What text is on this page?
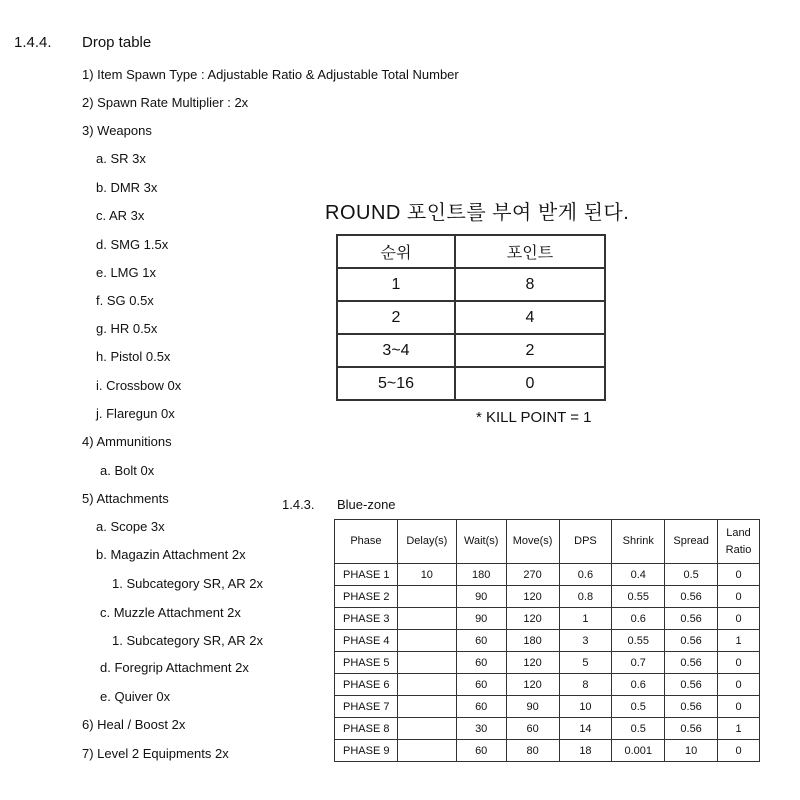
1.4.4. Drop table
1) Item Spawn Type : Adjustable Ratio & Adjustable Total Number
2) Spawn Rate Multiplier : 2x
3) Weapons
a. SR 3x
b. DMR 3x
c. AR 3x
d. SMG 1.5x
e. LMG 1x
f. SG 0.5x
g. HR 0.5x
h. Pistol 0.5x
i. Crossbow 0x
j. Flaregun 0x
4) Ammunitions
a. Bolt 0x
5) Attachments
a. Scope 3x
b. Magazin Attachment 2x
1. Subcategory SR, AR 2x
c. Muzzle Attachment 2x
1. Subcategory SR, AR 2x
d. Foregrip Attachment 2x
e. Quiver 0x
6) Heal / Boost 2x
7) Level 2 Equipments 2x
ROUND 포인트를 부여 받게 된다.
순위	포인트
1	8
2	4
3~4	2
5~16	0
* KILL POINT = 1
1.4.3. Blue-zone
Phase	Delay(s)	Wait(s)	Move(s)	DPS	Shrink	Spread	Land Ratio
PHASE 1	10	180	270	0.6	0.4	0.5	0
PHASE 2		90	120	0.8	0.55	0.56	0
PHASE 3		90	120	1	0.6	0.56	0
PHASE 4		60	180	3	0.55	0.56	1
PHASE 5		60	120	5	0.7	0.56	0
PHASE 6		60	120	8	0.6	0.56	0
PHASE 7		60	90	10	0.5	0.56	0
PHASE 8		30	60	14	0.5	0.56	1
PHASE 9		60	80	18	0.001	10	0
